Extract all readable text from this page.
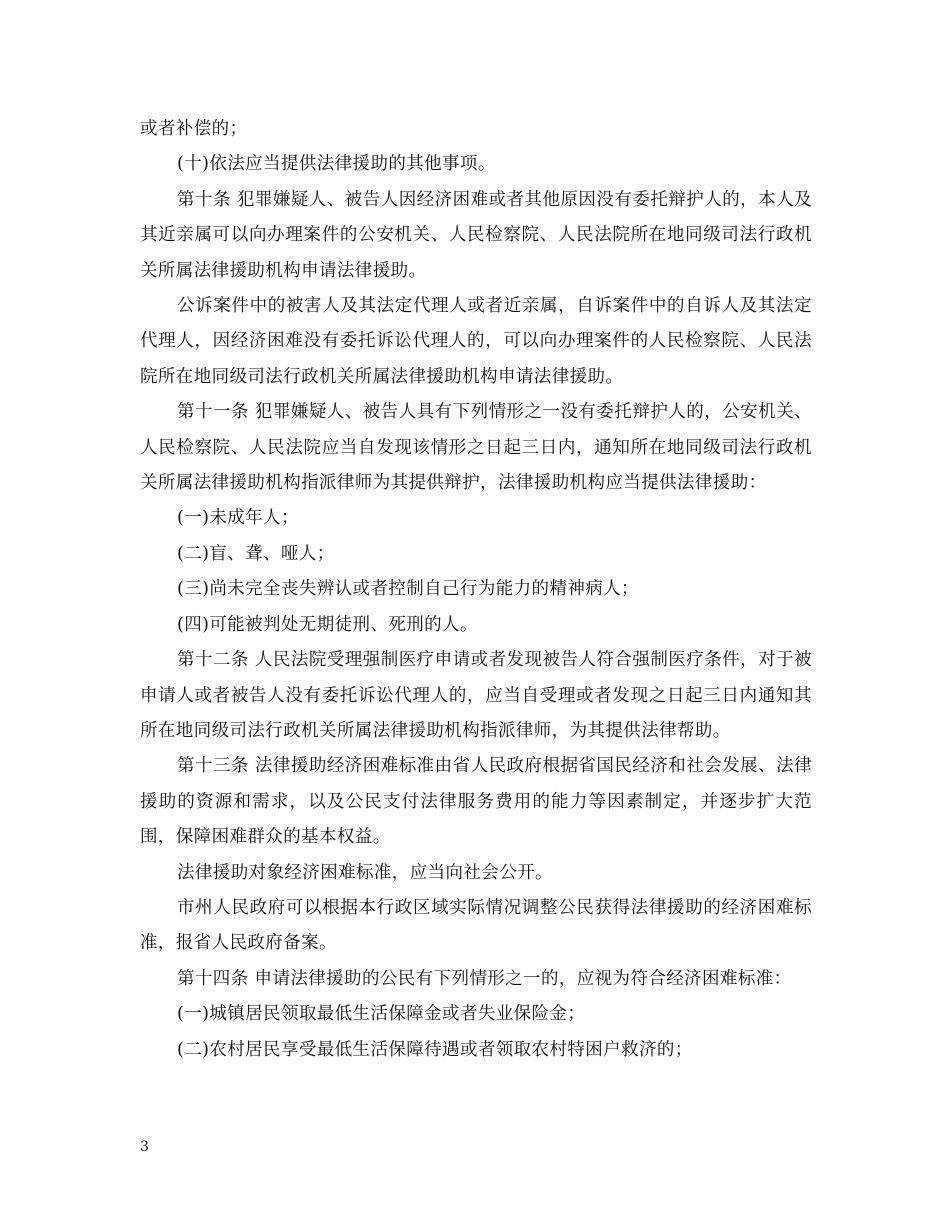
或者补偿的；

(十)依法应当提供法律援助的其他事项。

第十条 犯罪嫌疑人、被告人因经济困难或者其他原因没有委托辩护人的，本人及其近亲属可以向办理案件的公安机关、人民检察院、人民法院所在地同级司法行政机关所属法律援助机构申请法律援助。

公诉案件中的被害人及其法定代理人或者近亲属，自诉案件中的自诉人及其法定代理人，因经济困难没有委托诉讼代理人的，可以向办理案件的人民检察院、人民法院所在地同级司法行政机关所属法律援助机构申请法律援助。

第十一条 犯罪嫌疑人、被告人具有下列情形之一没有委托辩护人的，公安机关、人民检察院、人民法院应当自发现该情形之日起三日内，通知所在地同级司法行政机关所属法律援助机构指派律师为其提供辩护，法律援助机构应当提供法律援助：

(一)未成年人；

(二)盲、聋、哑人；

(三)尚未完全丧失辨认或者控制自己行为能力的精神病人；

(四)可能被判处无期徒刑、死刑的人。

第十二条 人民法院受理强制医疗申请或者发现被告人符合强制医疗条件，对于被申请人或者被告人没有委托诉讼代理人的，应当自受理或者发现之日起三日内通知其所在地同级司法行政机关所属法律援助机构指派律师，为其提供法律帮助。

第十三条 法律援助经济困难标准由省人民政府根据省国民经济和社会发展、法律援助的资源和需求，以及公民支付法律服务费用的能力等因素制定，并逐步扩大范围，保障困难群众的基本权益。

法律援助对象经济困难标准，应当向社会公开。

市州人民政府可以根据本行政区域实际情况调整公民获得法律援助的经济困难标准，报省人民政府备案。

第十四条 申请法律援助的公民有下列情形之一的，应视为符合经济困难标准：

(一)城镇居民领取最低生活保障金或者失业保险金；

(二)农村居民享受最低生活保障待遇或者领取农村特困户救济的；

3
